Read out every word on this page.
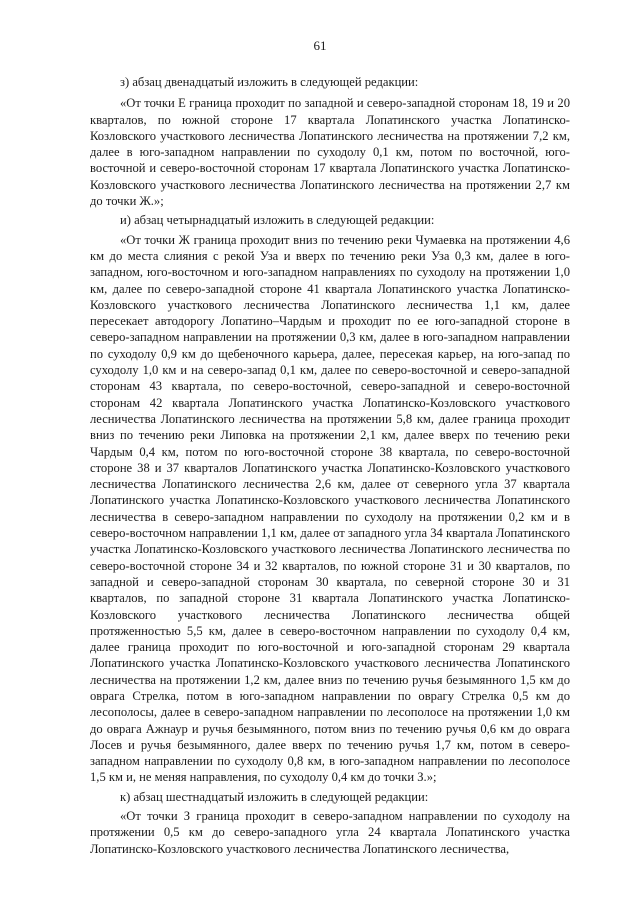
61

з) абзац двенадцатый изложить в следующей редакции:

«От точки Е граница проходит по западной и северо-западной сторонам 18, 19 и 20 кварталов, по южной стороне 17 квартала Лопатинского участка Лопатинско-Козловского участкового лесничества Лопатинского лесничества на протяжении 7,2 км, далее в юго-западном направлении по суходолу 0,1 км, потом по восточной, юго-восточной и северо-восточной сторонам 17 квартала Лопатинского участка Лопатинско-Козловского участкового лесничества Лопатинского лесничества на протяжении 2,7 км до точки Ж.»;

и) абзац четырнадцатый изложить в следующей редакции:

«От точки Ж граница проходит вниз по течению реки Чумаевка на протяжении 4,6 км до места слияния с рекой Уза и вверх по течению реки Уза 0,3 км, далее в юго-западном, юго-восточном и юго-западном направлениях по суходолу на протяжении 1,0 км, далее по северо-западной стороне 41 квартала Лопатинского участка Лопатинско-Козловского участкового лесничества Лопатинского лесничества 1,1 км, далее пересекает автодорогу Лопатино–Чардым и проходит по ее юго-западной стороне в северо-западном направлении на протяжении 0,3 км, далее в юго-западном направлении по суходолу 0,9 км до щебеночного карьера, далее, пересекая карьер, на юго-запад по суходолу 1,0 км и на северо-запад 0,1 км, далее по северо-восточной и северо-западной сторонам 43 квартала, по северо-восточной, северо-западной и северо-восточной сторонам 42 квартала Лопатинского участка Лопатинско-Козловского участкового лесничества Лопатинского лесничества на протяжении 5,8 км, далее граница проходит вниз по течению реки Липовка на протяжении 2,1 км, далее вверх по течению реки Чардым 0,4 км, потом по юго-восточной стороне 38 квартала, по северо-восточной стороне 38 и 37 кварталов Лопатинского участка Лопатинско-Козловского участкового лесничества Лопатинского лесничества 2,6 км, далее от северного угла 37 квартала Лопатинского участка Лопатинско-Козловского участкового лесничества Лопатинского лесничества в северо-западном направлении по суходолу на протяжении 0,2 км и в северо-восточном направлении 1,1 км, далее от западного угла 34 квартала Лопатинского участка Лопатинско-Козловского участкового лесничества Лопатинского лесничества по северо-восточной стороне 34 и 32 кварталов, по южной стороне 31 и 30 кварталов, по западной и северо-западной сторонам 30 квартала, по северной стороне 30 и 31 кварталов, по западной стороне 31 квартала Лопатинского участка Лопатинско-Козловского участкового лесничества Лопатинского лесничества общей протяженностью 5,5 км, далее в северо-восточном направлении по суходолу 0,4 км, далее граница проходит по юго-восточной и юго-западной сторонам 29 квартала Лопатинского участка Лопатинско-Козловского участкового лесничества Лопатинского лесничества на протяжении 1,2 км, далее вниз по течению ручья безымянного 1,5 км до оврага Стрелка, потом в юго-западном направлении по оврагу Стрелка 0,5 км до лесополосы, далее в северо-западном направлении по лесополосе на протяжении 1,0 км до оврага Ажнаур и ручья безымянного, потом вниз по течению ручья 0,6 км до оврага Лосев и ручья безымянного, далее вверх по течению ручья 1,7 км, потом в северо-западном направлении по суходолу 0,8 км, в юго-западном направлении по лесополосе 1,5 км и, не меняя направления, по суходолу 0,4 км до точки З.»;

к) абзац шестнадцатый изложить в следующей редакции:

«От точки З граница проходит в северо-западном направлении по суходолу на протяжении 0,5 км до северо-западного угла 24 квартала Лопатинского участка Лопатинско-Козловского участкового лесничества Лопатинского лесничества,
